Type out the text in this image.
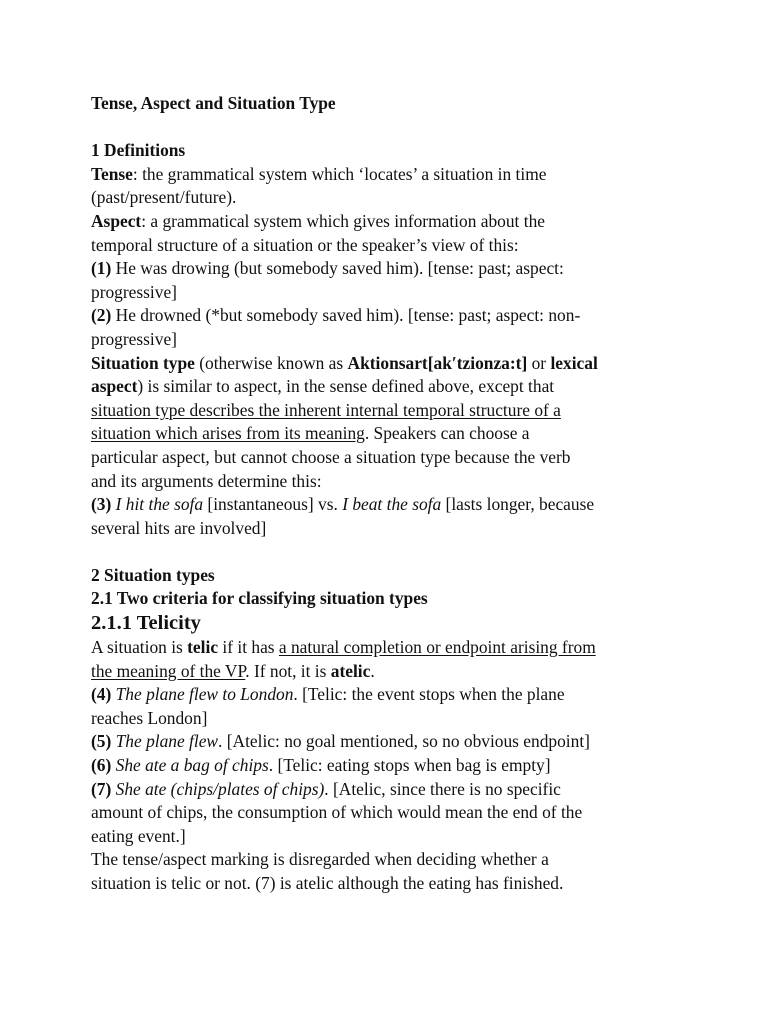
Tense, Aspect and Situation Type
1 Definitions
Tense: the grammatical system which ‘locates’ a situation in time
(past/present/future).
Aspect: a grammatical system which gives information about the
temporal structure of a situation or the speaker’s view of this:
(1) He was drowing (but somebody saved him). [tense: past; aspect:
progressive]
(2) He drowned (*but somebody saved him). [tense: past; aspect: non-
progressive]
Situation type (otherwise known as Aktionsart[ak′tzionza:t] or lexical
aspect) is similar to aspect, in the sense defined above, except that
situation type describes the inherent internal temporal structure of a
situation which arises from its meaning. Speakers can choose a
particular aspect, but cannot choose a situation type because the verb
and its arguments determine this:
(3) I hit the sofa [instantaneous] vs. I beat the sofa [lasts longer, because
several hits are involved]
2 Situation types
2.1 Two criteria for classifying situation types
2.1.1 Telicity
A situation is telic if it has a natural completion or endpoint arising from
the meaning of the VP. If not, it is atelic.
(4) The plane flew to London. [Telic: the event stops when the plane
reaches London]
(5) The plane flew. [Atelic: no goal mentioned, so no obvious endpoint]
(6) She ate a bag of chips. [Telic: eating stops when bag is empty]
(7) She ate (chips/plates of chips). [Atelic, since there is no specific
amount of chips, the consumption of which would mean the end of the
eating event.]
The tense/aspect marking is disregarded when deciding whether a
situation is telic or not. (7) is atelic although the eating has finished.
